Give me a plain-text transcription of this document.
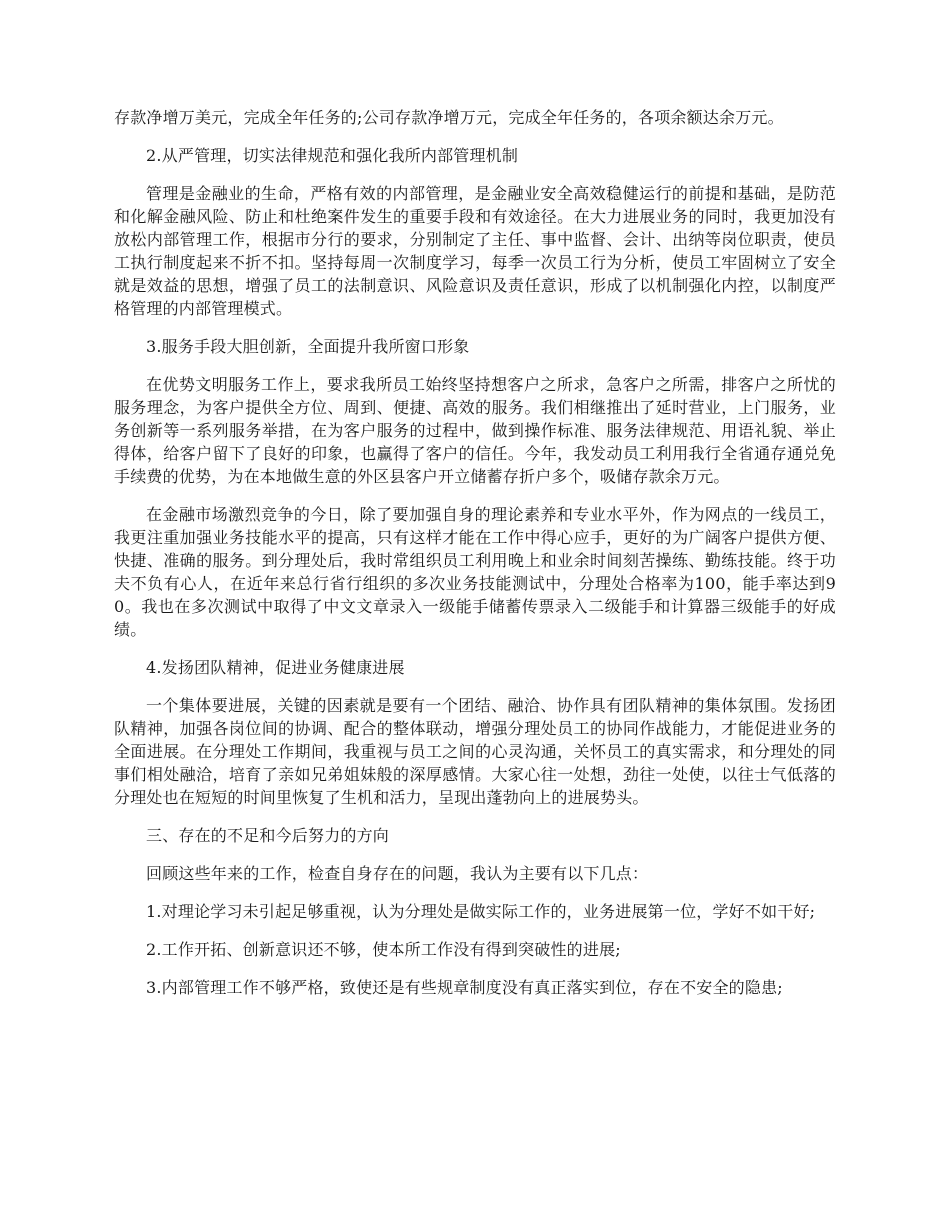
存款净增万美元，完成全年任务的;公司存款净增万元，完成全年任务的，各项余额达余万元。

2.从严管理，切实法律规范和强化我所内部管理机制

管理是金融业的生命，严格有效的内部管理，是金融业安全高效稳健运行的前提和基础，是防范和化解金融风险、防止和杜绝案件发生的重要手段和有效途径。在大力进展业务的同时，我更加没有放松内部管理工作，根据市分行的要求，分别制定了主任、事中监督、会计、出纳等岗位职责，使员工执行制度起来不折不扣。坚持每周一次制度学习，每季一次员工行为分析，使员工牢固树立了安全就是效益的思想，增强了员工的法制意识、风险意识及责任意识，形成了以机制强化内控，以制度严格管理的内部管理模式。

3.服务手段大胆创新，全面提升我所窗口形象

在优势文明服务工作上，要求我所员工始终坚持想客户之所求，急客户之所需，排客户之所忧的服务理念，为客户提供全方位、周到、便捷、高效的服务。我们相继推出了延时营业，上门服务，业务创新等一系列服务举措，在为客户服务的过程中，做到操作标准、服务法律规范、用语礼貌、举止得体，给客户留下了良好的印象，也赢得了客户的信任。今年，我发动员工利用我行全省通存通兑免手续费的优势，为在本地做生意的外区县客户开立储蓄存折户多个，吸储存款余万元。

在金融市场激烈竞争的今日，除了要加强自身的理论素养和专业水平外，作为网点的一线员工，我更注重加强业务技能水平的提高，只有这样才能在工作中得心应手，更好的为广阔客户提供方便、快捷、准确的服务。到分理处后，我时常组织员工利用晚上和业余时间刻苦操练、勤练技能。终于功夫不负有心人，在近年来总行省行组织的多次业务技能测试中，分理处合格率为100，能手率达到90。我也在多次测试中取得了中文文章录入一级能手储蓄传票录入二级能手和计算器三级能手的好成绩。

4.发扬团队精神，促进业务健康进展

一个集体要进展，关键的因素就是要有一个团结、融洽、协作具有团队精神的集体氛围。发扬团队精神，加强各岗位间的协调、配合的整体联动，增强分理处员工的协同作战能力，才能促进业务的全面进展。在分理处工作期间，我重视与员工之间的心灵沟通，关怀员工的真实需求，和分理处的同事们相处融洽，培育了亲如兄弟姐妹般的深厚感情。大家心往一处想，劲往一处使，以往士气低落的分理处也在短短的时间里恢复了生机和活力，呈现出蓬勃向上的进展势头。

三、存在的不足和今后努力的方向

回顾这些年来的工作，检查自身存在的问题，我认为主要有以下几点：

1.对理论学习未引起足够重视，认为分理处是做实际工作的，业务进展第一位，学好不如干好;

2.工作开拓、创新意识还不够，使本所工作没有得到突破性的进展;

3.内部管理工作不够严格，致使还是有些规章制度没有真正落实到位，存在不安全的隐患;
